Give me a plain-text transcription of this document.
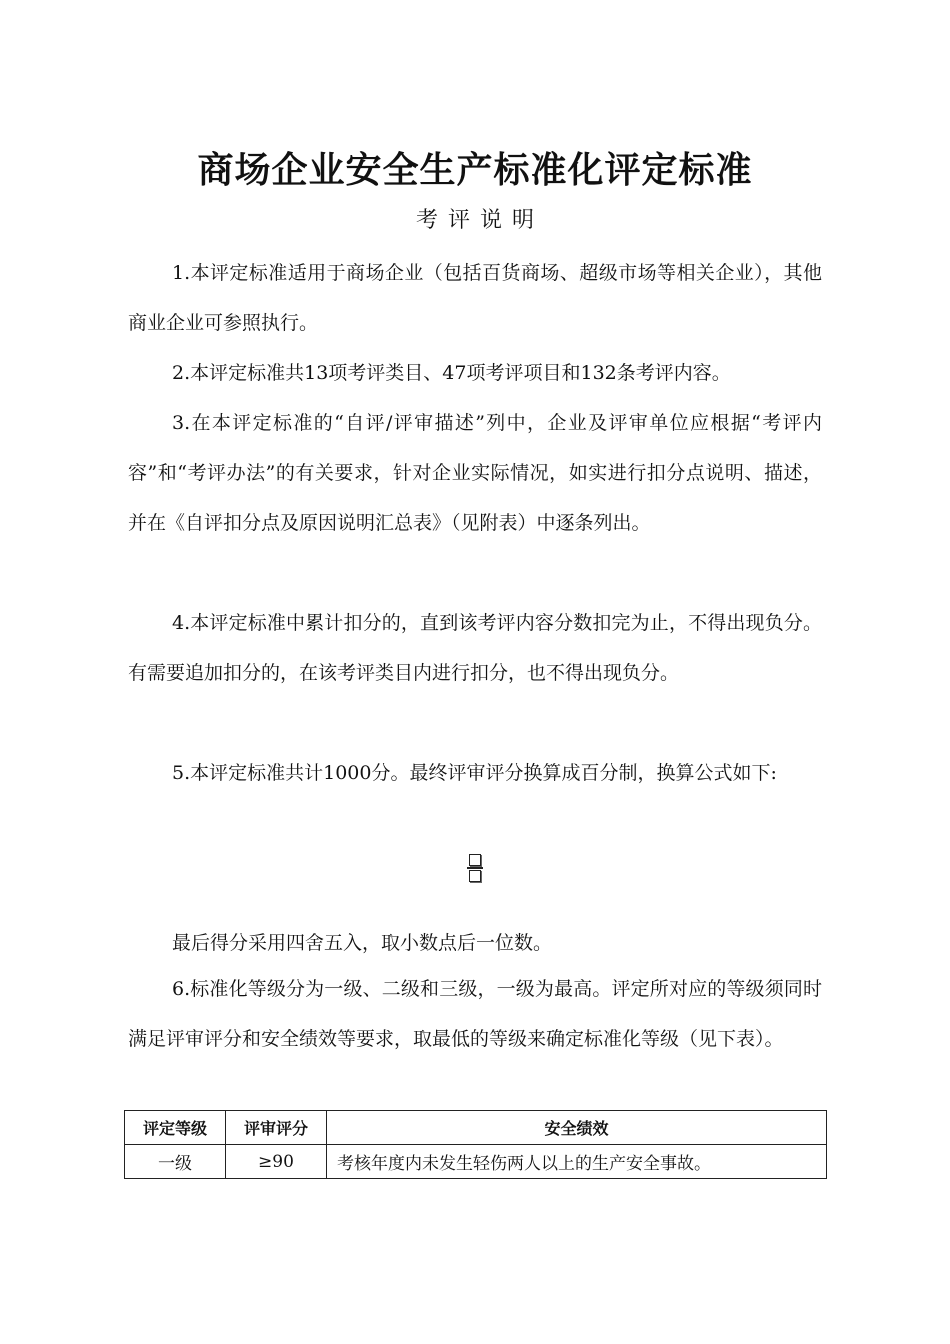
商场企业安全生产标准化评定标准
考评说明

1.本评定标准适用于商场企业（包括百货商场、超级市场等相关企业），其他商业企业可参照执行。

2.本评定标准共13项考评类目、47项考评项目和132条考评内容。

3.在本评定标准的“自评/评审描述”列中，企业及评审单位应根据“考评内容”和“考评办法”的有关要求，针对企业实际情况，如实进行扣分点说明、描述，并在《自评扣分点及原因说明汇总表》（见附表）中逐条列出。

4.本评定标准中累计扣分的，直到该考评内容分数扣完为止，不得出现负分。有需要追加扣分的，在该考评类目内进行扣分，也不得出现负分。

5.本评定标准共计1000分。最终评审评分换算成百分制，换算公式如下:

最后得分采用四舍五入，取小数点后一位数。

6.标准化等级分为一级、二级和三级，一级为最高。评定所对应的等级须同时满足评审评分和安全绩效等要求，取最低的等级来确定标准化等级（见下表）。

评定等级	评审评分	安全绩效
一级	≥90	考核年度内未发生轻伤两人以上的生产安全事故。
